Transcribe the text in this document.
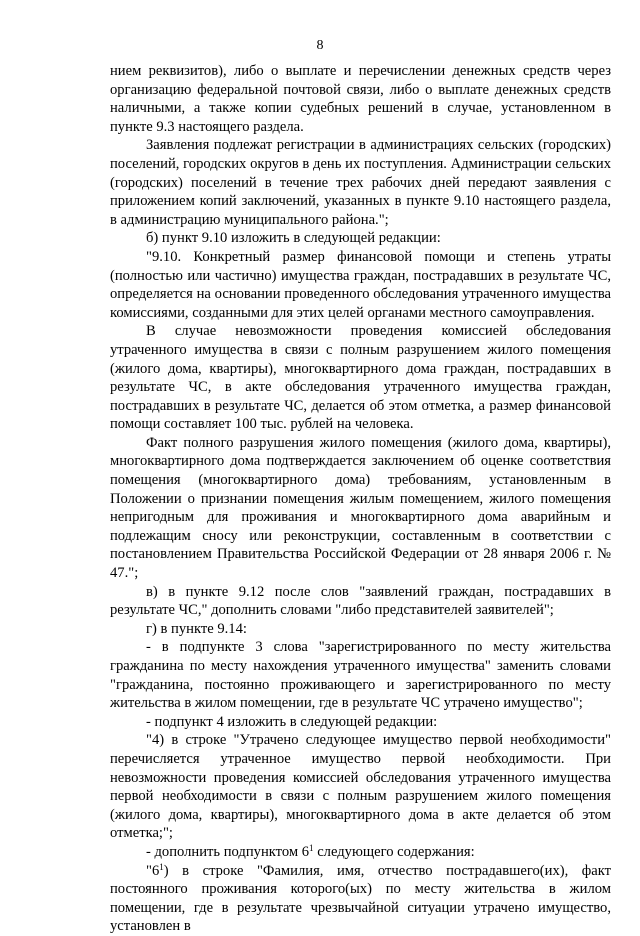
8

нием реквизитов), либо о выплате и перечислении денежных средств через организацию федеральной почтовой связи, либо о выплате денежных средств наличными, а также копии судебных решений в случае, установленном в пункте 9.3 настоящего раздела.

Заявления подлежат регистрации в администрациях сельских (городских) поселений, городских округов в день их поступления. Администрации сельских (городских) поселений в течение трех рабочих дней передают заявления с приложением копий заключений, указанных в пункте 9.10 настоящего раздела, в администрацию муниципального района.";

б) пункт 9.10 изложить в следующей редакции:

"9.10. Конкретный размер финансовой помощи и степень утраты (полностью или частично) имущества граждан, пострадавших в результате ЧС, определяется на основании проведенного обследования утраченного имущества комиссиями, созданными для этих целей органами местного самоуправления.

В случае невозможности проведения комиссией обследования утраченного имущества в связи с полным разрушением жилого помещения (жилого дома, квартиры), многоквартирного дома граждан, пострадавших в результате ЧС, в акте обследования утраченного имущества граждан, пострадавших в результате ЧС, делается об этом отметка, а размер финансовой помощи составляет 100 тыс. рублей на человека.

Факт полного разрушения жилого помещения (жилого дома, квартиры), многоквартирного дома подтверждается заключением об оценке соответствия помещения (многоквартирного дома) требованиям, установленным в Положении о признании помещения жилым помещением, жилого помещения непригодным для проживания и многоквартирного дома аварийным и подлежащим сносу или реконструкции, составленным в соответствии с постановлением Правительства Российской Федерации от 28 января 2006 г. № 47.";

в) в пункте 9.12 после слов "заявлений граждан, пострадавших в результате ЧС," дополнить словами "либо представителей заявителей";

г) в пункте 9.14:

- в подпункте 3 слова "зарегистрированного по месту жительства гражданина по месту нахождения утраченного имущества" заменить словами "гражданина, постоянно проживающего и зарегистрированного по месту жительства в жилом помещении, где в результате ЧС утрачено имущество";

- подпункт 4 изложить в следующей редакции:

"4) в строке "Утрачено следующее имущество первой необходимости" перечисляется утраченное имущество первой необходимости. При невозможности проведения комиссией обследования утраченного имущества первой необходимости в связи с полным разрушением жилого помещения (жилого дома, квартиры), многоквартирного дома в акте делается об этом отметка;";

- дополнить подпунктом $6^1$ следующего содержания:

"$6^1$) в строке "Фамилия, имя, отчество пострадавшего(их), факт постоянного проживания которого(ых) по месту жительства в жилом помещении, где в результате чрезвычайной ситуации утрачено имущество, установлен в
